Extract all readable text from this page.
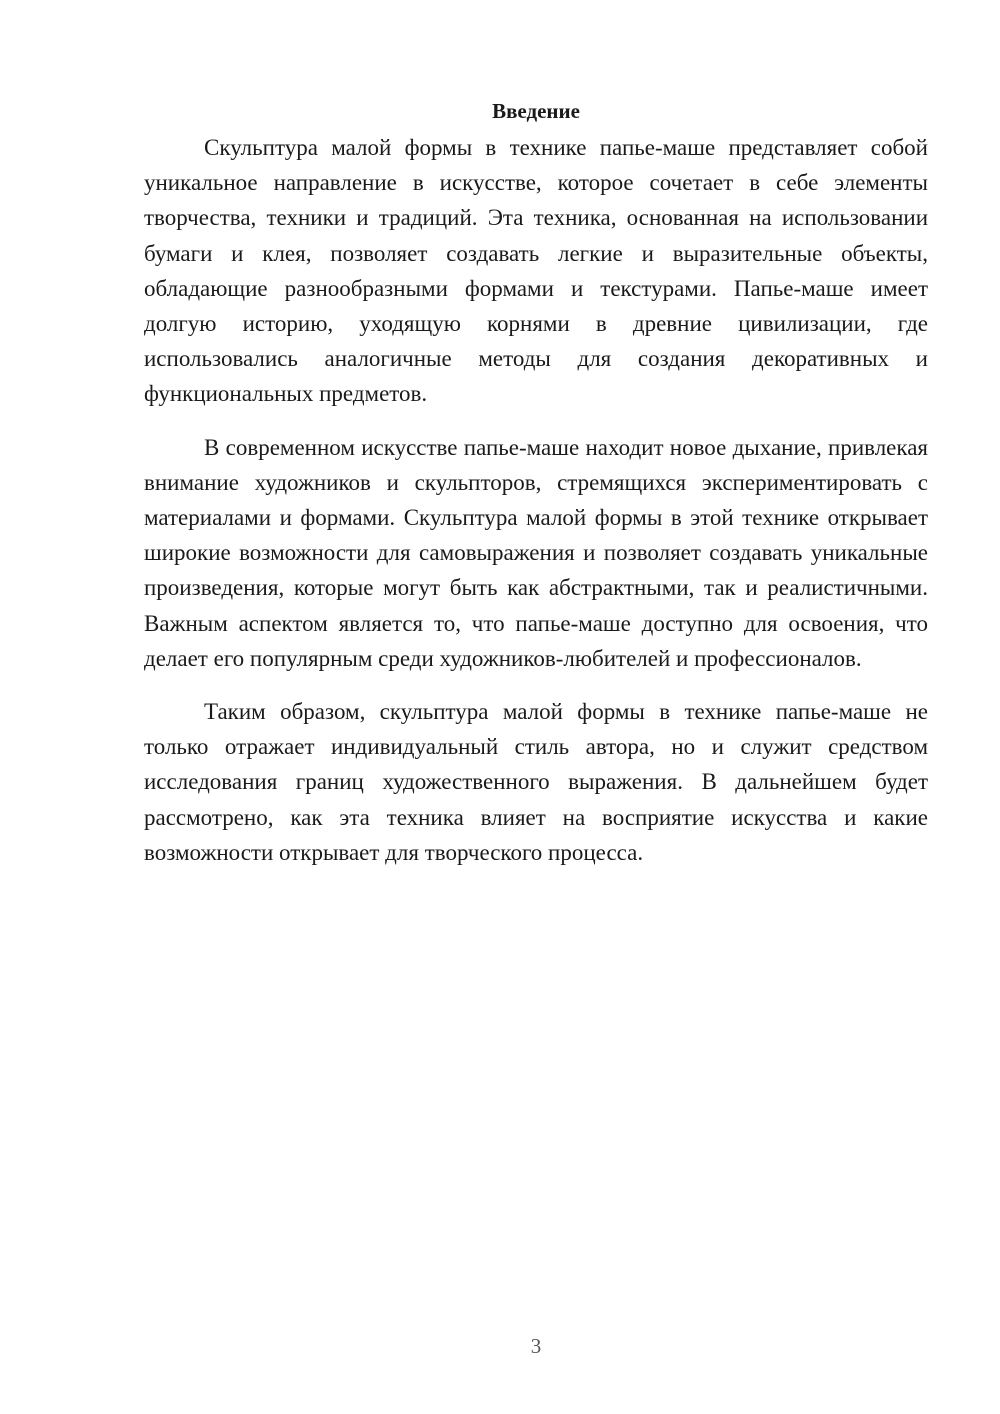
Введение

Скульптура малой формы в технике папье-маше представляет собой уникальное направление в искусстве, которое сочетает в себе элементы творчества, техники и традиций. Эта техника, основанная на использовании бумаги и клея, позволяет создавать легкие и выразительные объекты, обладающие разнообразными формами и текстурами. Папье-маше имеет долгую историю, уходящую корнями в древние цивилизации, где использовались аналогичные методы для создания декоративных и функциональных предметов.

В современном искусстве папье-маше находит новое дыхание, привлекая внимание художников и скульпторов, стремящихся экспериментировать с материалами и формами. Скульптура малой формы в этой технике открывает широкие возможности для самовыражения и позволяет создавать уникальные произведения, которые могут быть как абстрактными, так и реалистичными. Важным аспектом является то, что папье-маше доступно для освоения, что делает его популярным среди художников-любителей и профессионалов.

Таким образом, скульптура малой формы в технике папье-маше не только отражает индивидуальный стиль автора, но и служит средством исследования границ художественного выражения. В дальнейшем будет рассмотрено, как эта техника влияет на восприятие искусства и какие возможности открывает для творческого процесса.

3
